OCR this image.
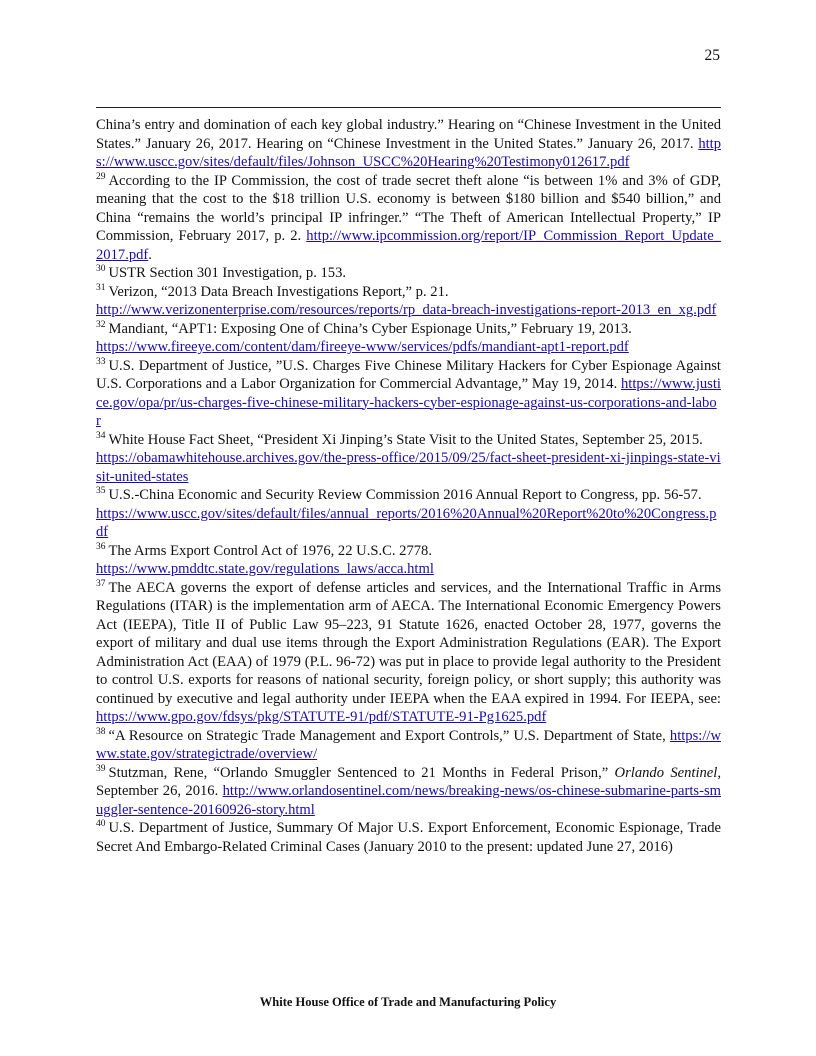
25

China’s entry and domination of each key global industry.” Hearing on “Chinese Investment in the United States.” January 26, 2017. Hearing on “Chinese Investment in the United States.” January 26, 2017. https://www.uscc.gov/sites/default/files/Johnson_USCC%20Hearing%20Testimony012617.pdf

$^{29}$ According to the IP Commission, the cost of trade secret theft alone “is between 1% and 3% of GDP, meaning that the cost to the $18 trillion U.S. economy is between $180 billion and $540 billion,” and China “remains the world’s principal IP infringer.” “The Theft of American Intellectual Property,” IP Commission, February 2017, p. 2. http://www.ipcommission.org/report/IP_Commission_Report_Update_2017.pdf.

$^{30}$ USTR Section 301 Investigation, p. 153.

$^{31}$ Verizon, “2013 Data Breach Investigations Report,” p. 21.
http://www.verizonenterprise.com/resources/reports/rp_data-breach-investigations-report-2013_en_xg.pdf

$^{32}$ Mandiant, “APT1: Exposing One of China’s Cyber Espionage Units,” February 19, 2013.
https://www.fireeye.com/content/dam/fireeye-www/services/pdfs/mandiant-apt1-report.pdf

$^{33}$ U.S. Department of Justice, ”U.S. Charges Five Chinese Military Hackers for Cyber Espionage Against U.S. Corporations and a Labor Organization for Commercial Advantage,” May 19, 2014. https://www.justice.gov/opa/pr/us-charges-five-chinese-military-hackers-cyber-espionage-against-us-corporations-and-labor

$^{34}$ White House Fact Sheet, “President Xi Jinping’s State Visit to the United States, September 25, 2015.
https://obamawhitehouse.archives.gov/the-press-office/2015/09/25/fact-sheet-president-xi-jinpings-state-visit-united-states

$^{35}$ U.S.-China Economic and Security Review Commission 2016 Annual Report to Congress, pp. 56-57.
https://www.uscc.gov/sites/default/files/annual_reports/2016%20Annual%20Report%20to%20Congress.pdf

$^{36}$ The Arms Export Control Act of 1976, 22 U.S.C. 2778.
https://www.pmddtc.state.gov/regulations_laws/acca.html

$^{37}$ The AECA governs the export of defense articles and services, and the International Traffic in Arms Regulations (ITAR) is the implementation arm of AECA. The International Economic Emergency Powers Act (IEEPA), Title II of Public Law 95–223, 91 Statute 1626, enacted October 28, 1977, governs the export of military and dual use items through the Export Administration Regulations (EAR). The Export Administration Act (EAA) of 1979 (P.L. 96-72) was put in place to provide legal authority to the President to control U.S. exports for reasons of national security, foreign policy, or short supply; this authority was continued by executive and legal authority under IEEPA when the EAA expired in 1994. For IEEPA, see: https://www.gpo.gov/fdsys/pkg/STATUTE-91/pdf/STATUTE-91-Pg1625.pdf

$^{38}$ “A Resource on Strategic Trade Management and Export Controls,” U.S. Department of State, https://www.state.gov/strategictrade/overview/

$^{39}$ Stutzman, Rene, “Orlando Smuggler Sentenced to 21 Months in Federal Prison,” Orlando Sentinel, September 26, 2016. http://www.orlandosentinel.com/news/breaking-news/os-chinese-submarine-parts-smuggler-sentence-20160926-story.html

$^{40}$ U.S. Department of Justice, Summary Of Major U.S. Export Enforcement, Economic Espionage, Trade Secret And Embargo-Related Criminal Cases (January 2010 to the present: updated June 27, 2016)

White House Office of Trade and Manufacturing Policy
